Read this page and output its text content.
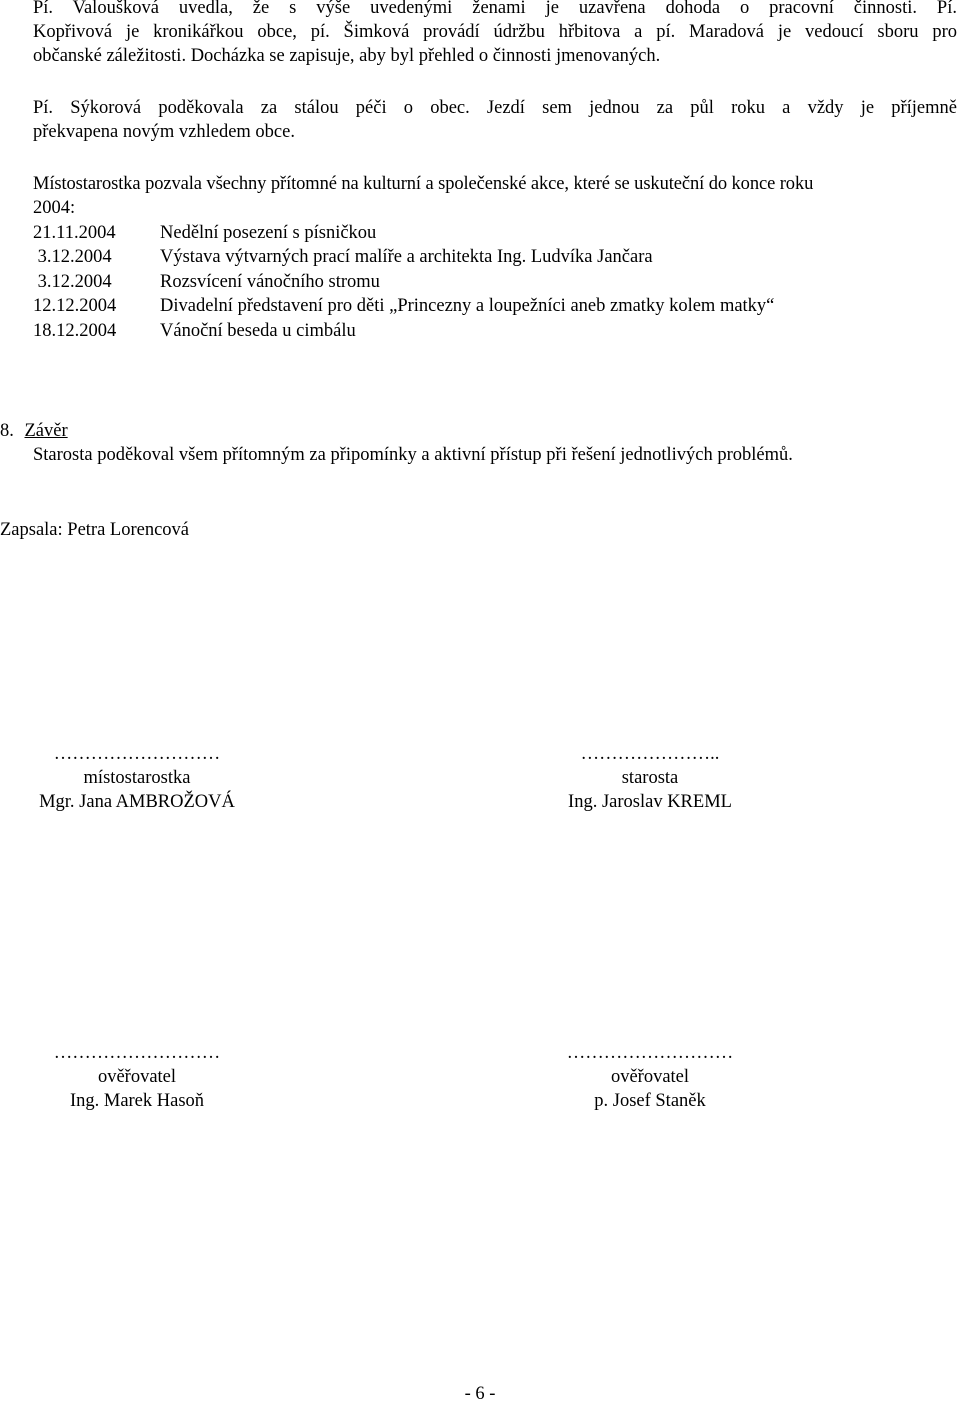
Pí. Valoušková uvedla, že s výše uvedenými ženami je uzavřena dohoda o pracovní činnosti. Pí.
Kopřivová je kronikářkou obce, pí. Šimková provádí údržbu hřbitova a pí. Maradová je vedoucí sboru pro
občanské záležitosti. Docházka se zapisuje, aby byl přehled o činnosti jmenovaných.
Pí. Sýkorová poděkovala za stálou péči o obec. Jezdí sem jednou za půl roku a vždy je příjemně
překvapena novým vzhledem obce.
Místostarostka pozvala všechny přítomné na kulturní a společenské akce, které se uskuteční do konce roku
2004:
21.11.2004 Nedělní posezení s písničkou
3.12.2004	Výstava výtvarných prací malíře a architekta Ing. Ludvíka Jančara
3.12.2004	Rozsvícení vánočního stromu
12.12.2004 Divadelní představení pro děti „Princezny a loupežníci aneb zmatky kolem matky“
18.12.2004 Vánoční beseda u cimbálu
8. Závěr
Starosta poděkoval všem přítomným za připomínky a aktivní přístup při řešení jednotlivých problémů.
Zapsala: Petra Lorencová
………………………
místostarostka
Mgr. Jana AMBROŽOVÁ
…………………..
starosta
Ing. Jaroslav KREML
………………………
ověřovatel
Ing. Marek Hasoň
………………………
ověřovatel
p. Josef Staněk
- 6 -
